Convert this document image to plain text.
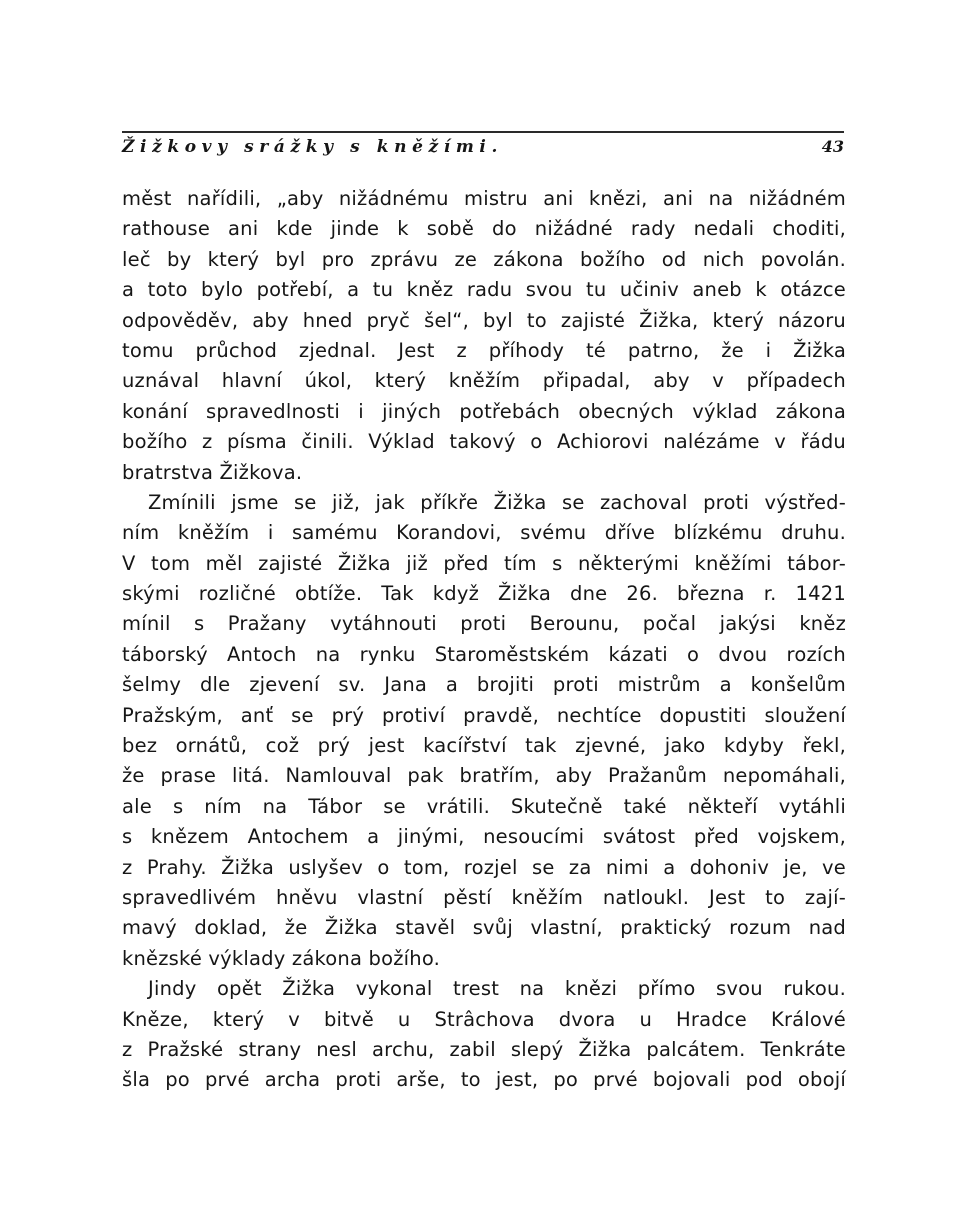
Žižkovy srážky s kněžími.	43
měst nařídili, „aby nižádnému mistru ani knězi, ani na nižádném
rathouse ani kde jinde k sobě do nižádné rady nedali choditi,
leč by který byl pro zprávu ze zákona božího od nich povolán.
a toto bylo potřebí, a tu kněz radu svou tu učiniv aneb k otázce
odpověděv, aby hned pryč šel“, byl to zajisté Žižka, který názoru
tomu průchod zjednal. Jest z příhody té patrno, že i Žižka
uznával hlavní úkol, který kněžím připadal, aby v případech
konání spravedlnosti i jiných potřebách obecných výklad zákona
božího z písma činili. Výklad takový o Achiorovi nalézáme v řádu
bratrstva Žižkova.
Zmínili jsme se již, jak příkře Žižka se zachoval proti výstřed-
ním kněžím i samému Korandovi, svému dříve blízkému druhu.
V tom měl zajisté Žižka již před tím s některými kněžími tábor-
skými rozličné obtíže. Tak když Žižka dne 26. března r. 1421
mínil s Pražany vytáhnouti proti Berounu, počal jakýsi kněz
táborský Antoch na rynku Staroměstském kázati o dvou rozích
šelmy dle zjevení sv. Jana a brojiti proti mistrům a konšelům
Pražským, anť se prý protiví pravdě, nechtíce dopustiti sloužení
bez ornátů, což prý jest kacířství tak zjevné, jako kdyby řekl,
že prase litá. Namlouval pak bratřím, aby Pražanům nepomáhali,
ale s ním na Tábor se vrátili. Skutečně také někteří vytáhli
s knězem Antochem a jinými, nesoucími svátost před vojskem,
z Prahy. Žižka uslyšev o tom, rozjel se za nimi a dohoniv je, ve
spravedlivém hněvu vlastní pěstí kněžím natloukl. Jest to zají-
mavý doklad, že Žižka stavěl svůj vlastní, praktický rozum nad
knězské výklady zákona božího.
Jindy opět Žižka vykonal trest na knězi přímo svou rukou.
Kněze, který v bitvě u Strâchova dvora u Hradce Králové
z Pražské strany nesl archu, zabil slepý Žižka palcátem. Tenkráte
šla po prvé archa proti arše, to jest, po prvé bojovali pod obojí
